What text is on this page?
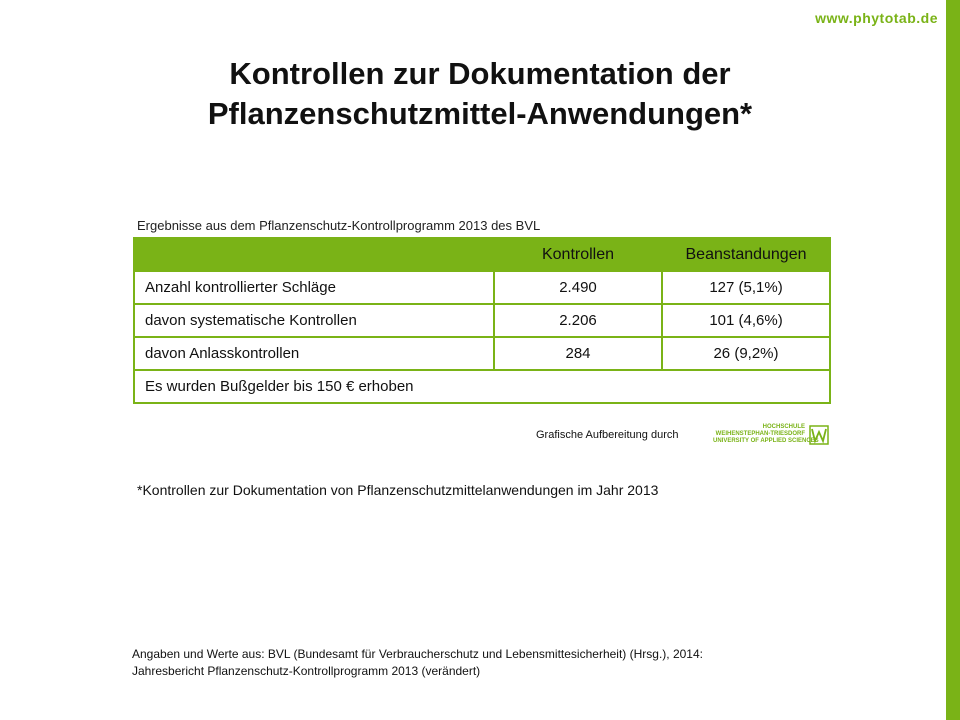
www.phytotab.de
Kontrollen zur Dokumentation der
Pflanzenschutzmittel-Anwendungen*
Ergebnisse aus dem Pflanzenschutz-Kontrollprogramm 2013 des BVL
	Kontrollen	Beanstandungen
Anzahl kontrollierter Schläge	2.490	127 (5,1%)
davon systematische Kontrollen	2.206	101 (4,6%)
davon Anlasskontrollen	284	26 (9,2%)
Es wurden Bußgelder bis 150 € erhoben		
Grafische Aufbereitung durch
HOCHSCHULE
WEIHENSTEPHAN-TRIESDORF
UNIVERSITY OF APPLIED SCIENCES
*Kontrollen zur Dokumentation von Pflanzenschutzmittelanwendungen im Jahr 2013
Angaben und Werte aus: BVL (Bundesamt für Verbraucherschutz und Lebensmittesicherheit) (Hrsg.), 2014:
Jahresbericht Pflanzenschutz-Kontrollprogramm 2013 (verändert)
